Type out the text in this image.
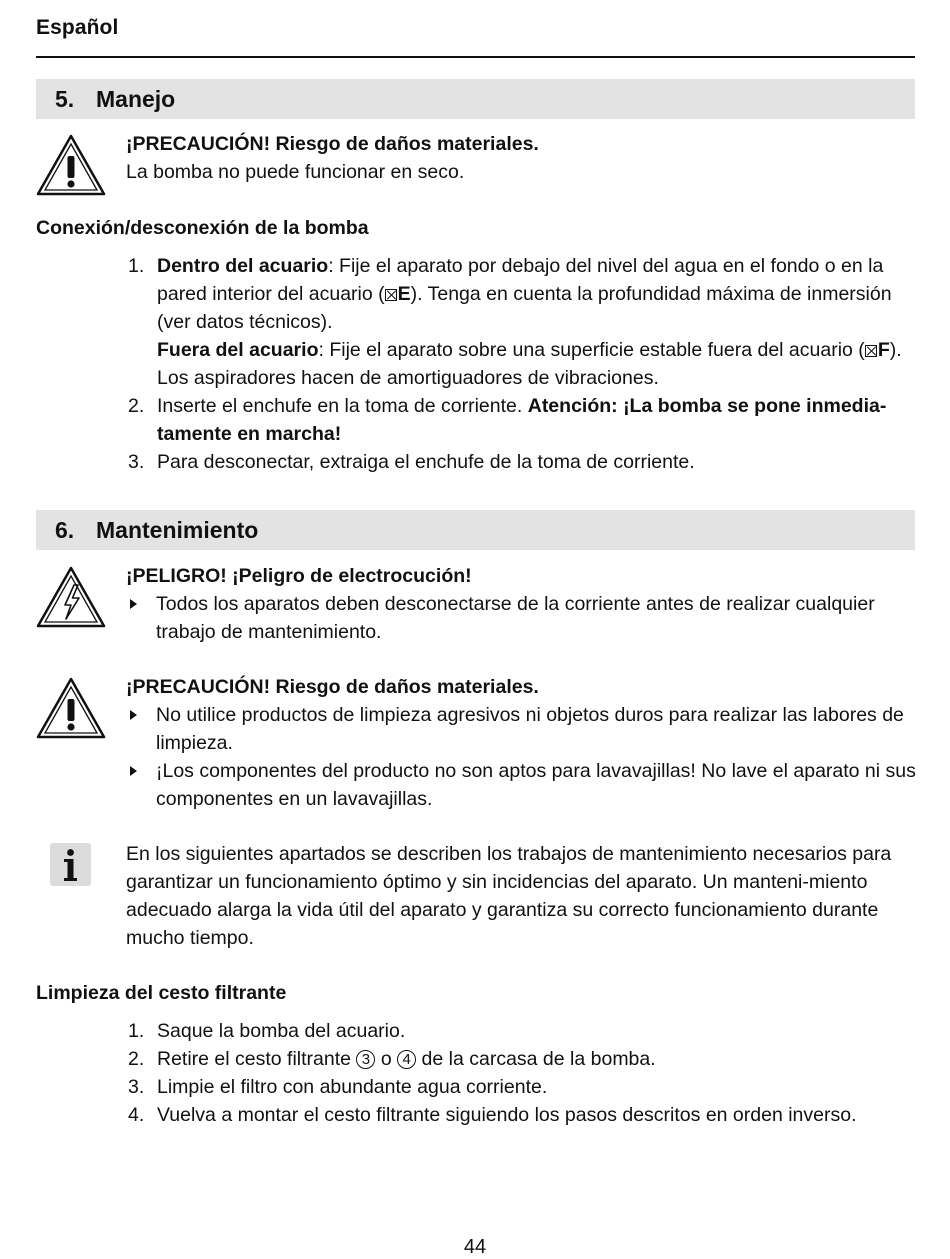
Español
5. Manejo
¡PRECAUCIÓN! Riesgo de daños materiales.
La bomba no puede funcionar en seco.
Conexión/desconexión de la bomba
1. Dentro del acuario: Fije el aparato por debajo del nivel del agua en el fondo o en la pared interior del acuario ( E). Tenga en cuenta la profundidad máxima de inmersión (ver datos técnicos).
Fuera del acuario: Fije el aparato sobre una superficie estable fuera del acuario ( F). Los aspiradores hacen de amortiguadores de vibraciones.
2. Inserte el enchufe en la toma de corriente. Atención: ¡La bomba se pone inmedia-tamente en marcha!
3. Para desconectar, extraiga el enchufe de la toma de corriente.
6. Mantenimiento
¡PELIGRO! ¡Peligro de electrocución!
Todos los aparatos deben desconectarse de la corriente antes de realizar cualquier trabajo de mantenimiento.
¡PRECAUCIÓN! Riesgo de daños materiales.
No utilice productos de limpieza agresivos ni objetos duros para realizar las labores de limpieza.
¡Los componentes del producto no son aptos para lavavajillas! No lave el aparato ni sus componentes en un lavavajillas.
En los siguientes apartados se describen los trabajos de mantenimiento necesarios para garantizar un funcionamiento óptimo y sin incidencias del aparato. Un manteni-miento adecuado alarga la vida útil del aparato y garantiza su correcto funcionamiento durante mucho tiempo.
Limpieza del cesto filtrante
1. Saque la bomba del acuario.
2. Retire el cesto filtrante 3 o 4 de la carcasa de la bomba.
3. Limpie el filtro con abundante agua corriente.
4. Vuelva a montar el cesto filtrante siguiendo los pasos descritos en orden inverso.
44
